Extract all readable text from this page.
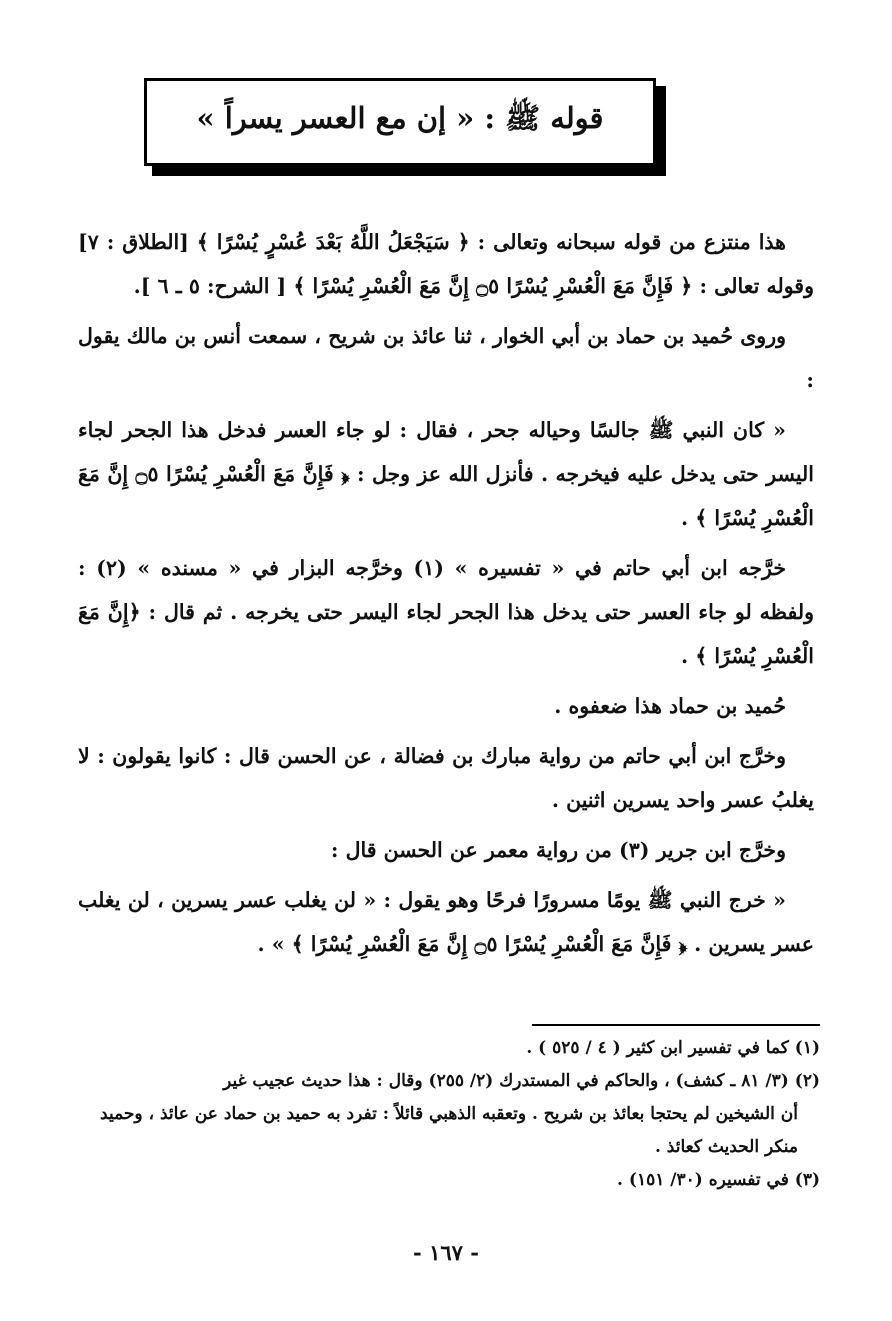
قوله ﷺ : « إن مع العسر يسراً »

هذا منتزع من قوله سبحانه وتعالى : ﴿ سَيَجْعَلُ اللَّهُ بَعْدَ عُسْرٍ يُسْرًا ﴾ [الطلاق : ٧] وقوله تعالى : ﴿ فَإِنَّ مَعَ الْعُسْرِ يُسْرًا ۝٥ إِنَّ مَعَ الْعُسْرِ يُسْرًا ﴾ [ الشرح: ٥ ـ ٦ ].

وروى حُميد بن حماد بن أبي الخوار ، ثنا عائذ بن شريح ، سمعت أنس بن مالك يقول :

« كان النبي ﷺ جالسًا وحياله جحر ، فقال : لو جاء العسر فدخل هذا الجحر لجاء اليسر حتى يدخل عليه فيخرجه . فأنزل الله عز وجل : ﴿ فَإِنَّ مَعَ الْعُسْرِ يُسْرًا ۝٥ إِنَّ مَعَ الْعُسْرِ يُسْرًا ﴾ .

خرَّجه ابن أبي حاتم في « تفسيره » (١) وخرَّجه البزار في « مسنده » (٢) : ولفظه لو جاء العسر حتى يدخل هذا الجحر لجاء اليسر حتى يخرجه . ثم قال : ﴿إِنَّ مَعَ الْعُسْرِ يُسْرًا ﴾ .

حُميد بن حماد هذا ضعفوه .

وخرَّج ابن أبي حاتم من رواية مبارك بن فضالة ، عن الحسن قال : كانوا يقولون : لا يغلبُ عسر واحد يسرين اثنين .

وخرَّج ابن جرير (٣) من رواية معمر عن الحسن قال :

« خرج النبي ﷺ يومًا مسرورًا فرحًا وهو يقول : « لن يغلب عسر يسرين ، لن يغلب عسر يسرين . ﴿ فَإِنَّ مَعَ الْعُسْرِ يُسْرًا ۝٥ إِنَّ مَعَ الْعُسْرِ يُسْرًا ﴾ » .

(١) كما في تفسير ابن كثير ( ٤ / ٥٢٥ ) .

(٢) (٣/ ٨١ ـ كشف) ، والحاكم في المستدرك (٢/ ٢٥٥) وقال : هذا حديث عجيب غير

أن الشيخين لم يحتجا بعائذ بن شريح . وتعقبه الذهبي قائلاً : تفرد به حميد بن حماد عن عائذ ، وحميد منكر الحديث كعائذ .

(٣) في تفسيره (٣٠/ ١٥١) .

- ١٦٧ -
